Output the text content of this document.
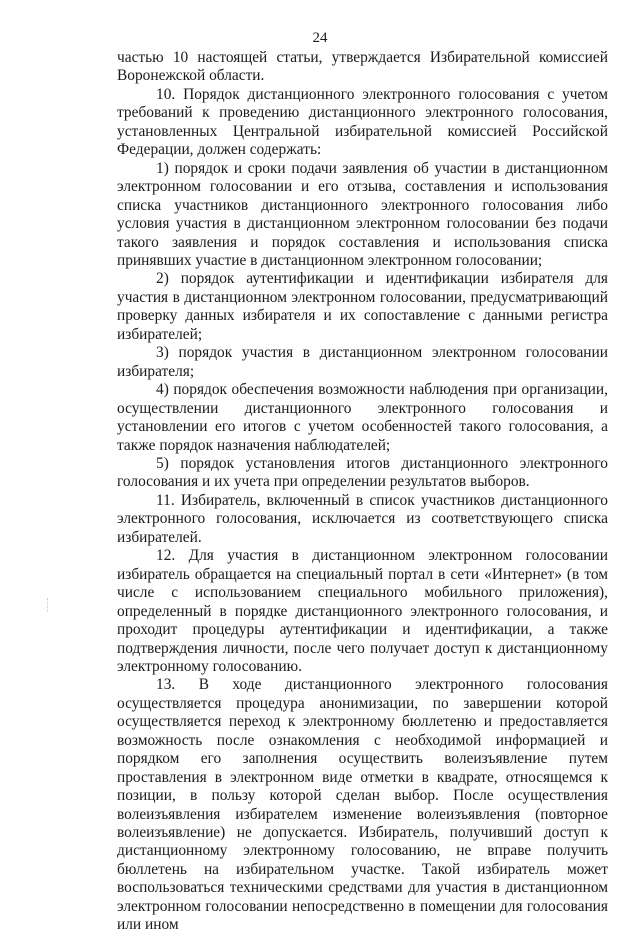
24

частью 10 настоящей статьи, утверждается Избирательной комиссией Воронежской области.

10. Порядок дистанционного электронного голосования с учетом требований к проведению дистанционного электронного голосования, установленных Центральной избирательной комиссией Российской Федерации, должен содержать:

1) порядок и сроки подачи заявления об участии в дистанционном электронном голосовании и его отзыва, составления и использования списка участников дистанционного электронного голосования либо условия участия в дистанционном электронном голосовании без подачи такого заявления и порядок составления и использования списка принявших участие в дистанционном электронном голосовании;

2) порядок аутентификации и идентификации избирателя для участия в дистанционном электронном голосовании, предусматривающий проверку данных избирателя и их сопоставление с данными регистра избирателей;

3) порядок участия в дистанционном электронном голосовании избирателя;

4) порядок обеспечения возможности наблюдения при организации, осуществлении дистанционного электронного голосования и установлении его итогов с учетом особенностей такого голосования, а также порядок назначения наблюдателей;

5) порядок установления итогов дистанционного электронного голосования и их учета при определении результатов выборов.

11. Избиратель, включенный в список участников дистанционного электронного голосования, исключается из соответствующего списка избирателей.

12. Для участия в дистанционном электронном голосовании избиратель обращается на специальный портал в сети «Интернет» (в том числе с использованием специального мобильного приложения), определенный в порядке дистанционного электронного голосования, и проходит процедуры аутентификации и идентификации, а также подтверждения личности, после чего получает доступ к дистанционному электронному голосованию.

13. В ходе дистанционного электронного голосования осуществляется процедура анонимизации, по завершении которой осуществляется переход к электронному бюллетеню и предоставляется возможность после ознакомления с необходимой информацией и порядком его заполнения осуществить волеизъявление путем проставления в электронном виде отметки в квадрате, относящемся к позиции, в пользу которой сделан выбор. После осуществления волеизъявления избирателем изменение волеизъявления (повторное волеизъявление) не допускается. Избиратель, получивший доступ к дистанционному электронному голосованию, не вправе получить бюллетень на избирательном участке. Такой избиратель может воспользоваться техническими средствами для участия в дистанционном электронном голосовании непосредственно в помещении для голосования или ином
